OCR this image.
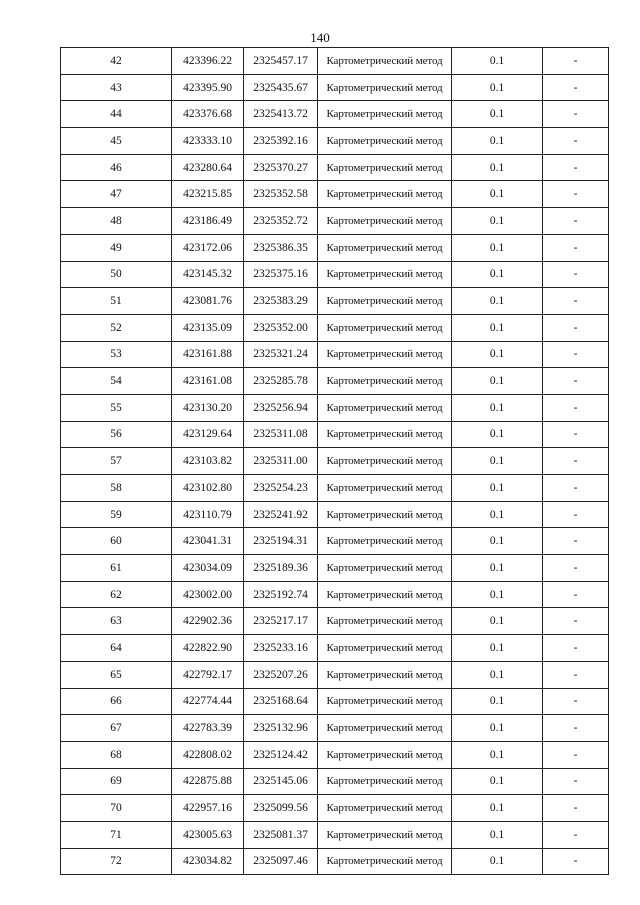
140
42	423396.22	2325457.17	Картометрический метод	0.1	-
43	423395.90	2325435.67	Картометрический метод	0.1	-
44	423376.68	2325413.72	Картометрический метод	0.1	-
45	423333.10	2325392.16	Картометрический метод	0.1	-
46	423280.64	2325370.27	Картометрический метод	0.1	-
47	423215.85	2325352.58	Картометрический метод	0.1	-
48	423186.49	2325352.72	Картометрический метод	0.1	-
49	423172.06	2325386.35	Картометрический метод	0.1	-
50	423145.32	2325375.16	Картометрический метод	0.1	-
51	423081.76	2325383.29	Картометрический метод	0.1	-
52	423135.09	2325352.00	Картометрический метод	0.1	-
53	423161.88	2325321.24	Картометрический метод	0.1	-
54	423161.08	2325285.78	Картометрический метод	0.1	-
55	423130.20	2325256.94	Картометрический метод	0.1	-
56	423129.64	2325311.08	Картометрический метод	0.1	-
57	423103.82	2325311.00	Картометрический метод	0.1	-
58	423102.80	2325254.23	Картометрический метод	0.1	-
59	423110.79	2325241.92	Картометрический метод	0.1	-
60	423041.31	2325194.31	Картометрический метод	0.1	-
61	423034.09	2325189.36	Картометрический метод	0.1	-
62	423002.00	2325192.74	Картометрический метод	0.1	-
63	422902.36	2325217.17	Картометрический метод	0.1	-
64	422822.90	2325233.16	Картометрический метод	0.1	-
65	422792.17	2325207.26	Картометрический метод	0.1	-
66	422774.44	2325168.64	Картометрический метод	0.1	-
67	422783.39	2325132.96	Картометрический метод	0.1	-
68	422808.02	2325124.42	Картометрический метод	0.1	-
69	422875.88	2325145.06	Картометрический метод	0.1	-
70	422957.16	2325099.56	Картометрический метод	0.1	-
71	423005.63	2325081.37	Картометрический метод	0.1	-
72	423034.82	2325097.46	Картометрический метод	0.1	-
